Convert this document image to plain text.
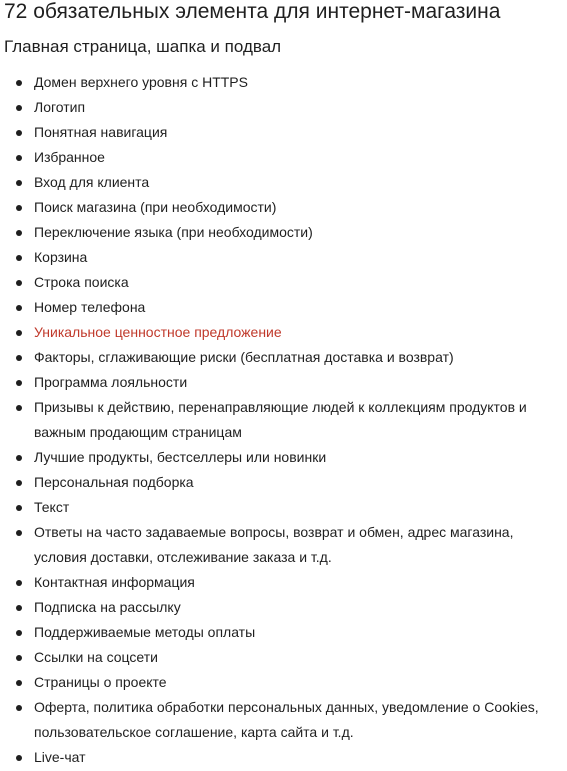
72 обязательных элемента для интернет-магазина
Главная страница, шапка и подвал
Домен верхнего уровня с HTTPS
Логотип
Понятная навигация
Избранное
Вход для клиента
Поиск магазина (при необходимости)
Переключение языка (при необходимости)
Корзина
Строка поиска
Номер телефона
Уникальное ценностное предложение
Факторы, сглаживающие риски (бесплатная доставка и возврат)
Программа лояльности
Призывы к действию, перенаправляющие людей к коллекциям продуктов и важным продающим страницам
Лучшие продукты, бестселлеры или новинки
Персональная подборка
Текст
Ответы на часто задаваемые вопросы, возврат и обмен, адрес магазина, условия доставки, отслеживание заказа и т.д.
Контактная информация
Подписка на рассылку
Поддерживаемые методы оплаты
Ссылки на соцсети
Страницы о проекте
Оферта, политика обработки персональных данных, уведомление о Cookies, пользовательское соглашение, карта сайта и т.д.
Live-чат
